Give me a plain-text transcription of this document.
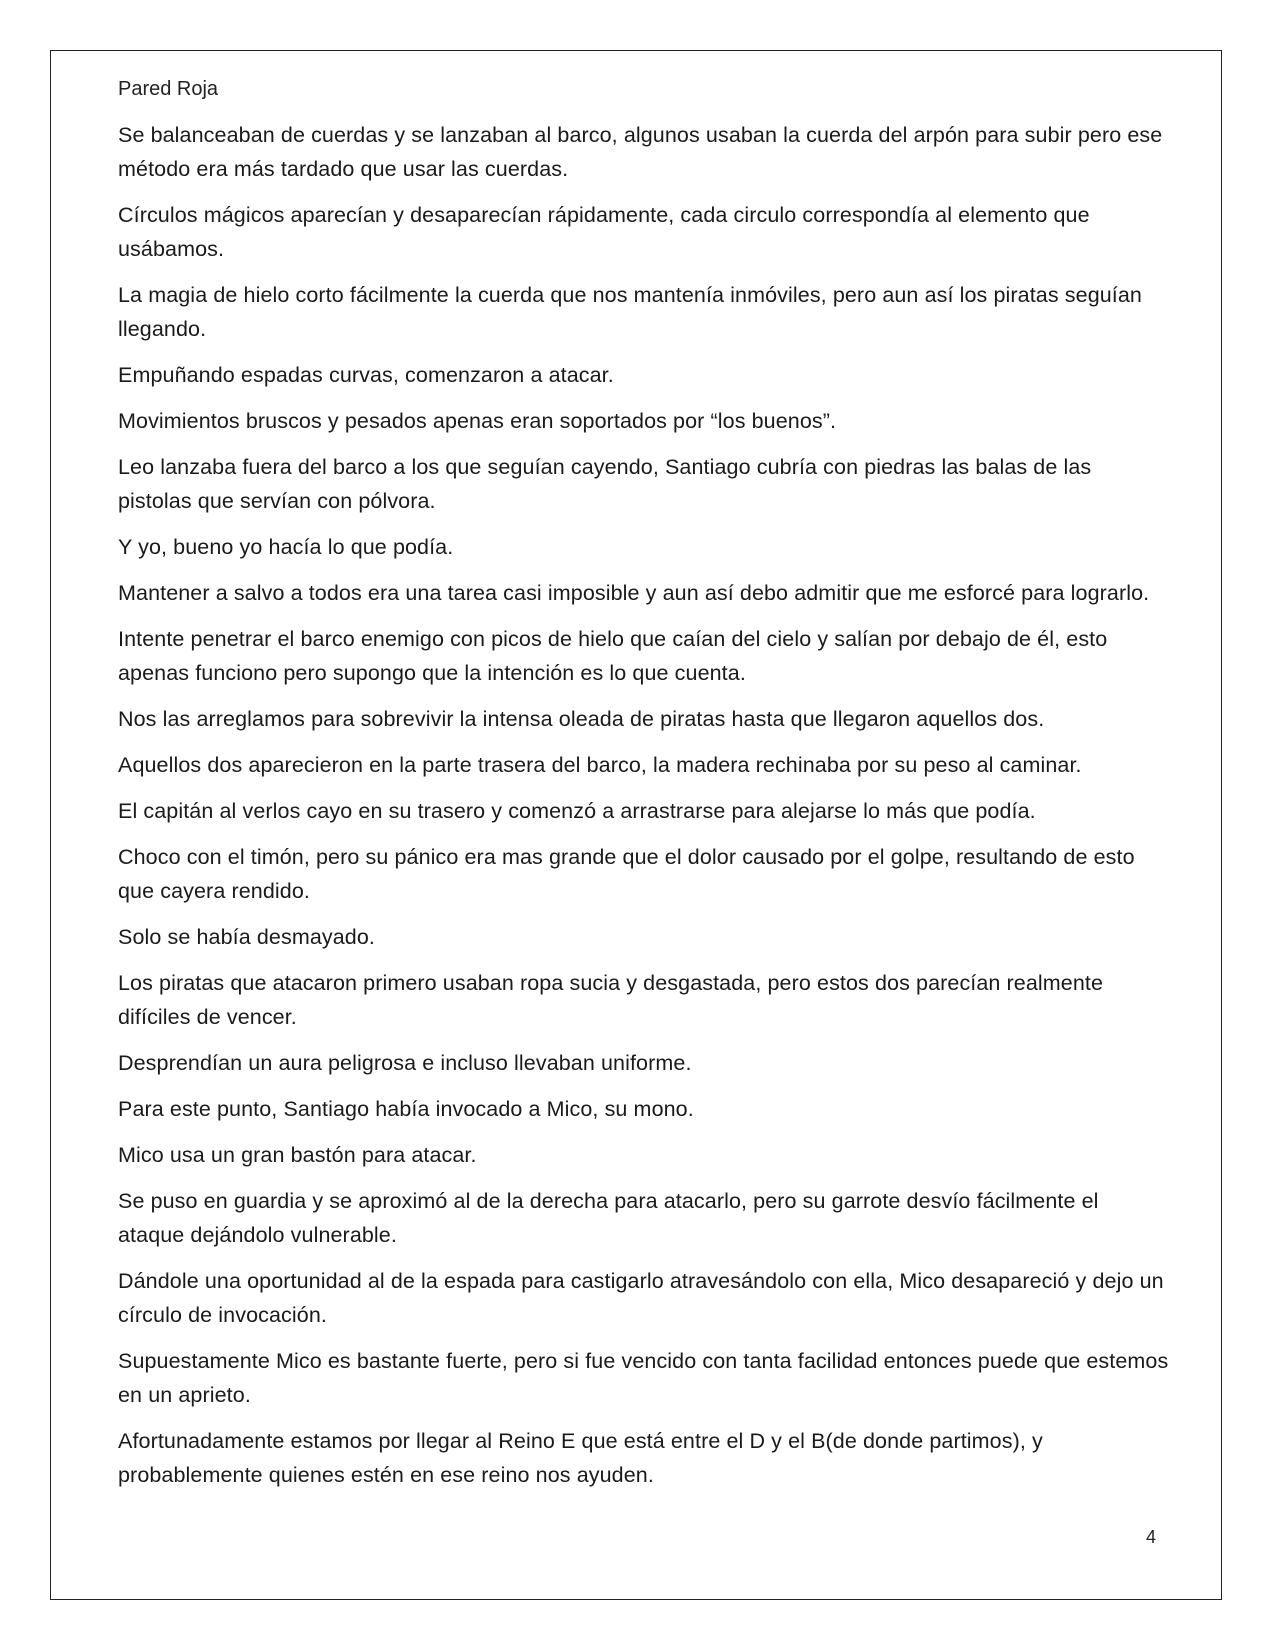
Pared Roja

Se balanceaban de cuerdas y se lanzaban al barco, algunos usaban la cuerda del arpón para subir pero ese método era más tardado que usar las cuerdas.

Círculos mágicos aparecían y desaparecían rápidamente, cada circulo correspondía al elemento que usábamos.

La magia de hielo corto fácilmente la cuerda que nos mantenía inmóviles, pero aun así los piratas seguían llegando.

Empuñando espadas curvas, comenzaron a atacar.

Movimientos bruscos y pesados apenas eran soportados por “los buenos”.

Leo lanzaba fuera del barco a los que seguían cayendo, Santiago cubría con piedras las balas de las pistolas que servían con pólvora.

Y yo, bueno yo hacía lo que podía.

Mantener a salvo a todos era una tarea casi imposible y aun así debo admitir que me esforcé para lograrlo.

Intente penetrar el barco enemigo con picos de hielo que caían del cielo y salían por debajo de él, esto apenas funciono pero supongo que la intención es lo que cuenta.

Nos las arreglamos para sobrevivir la intensa oleada de piratas hasta que llegaron aquellos dos.

Aquellos dos aparecieron en la parte trasera del barco, la madera rechinaba por su peso al caminar.

El capitán al verlos cayo en su trasero y comenzó a arrastrarse para alejarse lo más que podía.

Choco con el timón, pero su pánico era mas grande que el dolor causado por el golpe, resultando de esto que cayera rendido.

Solo se había desmayado.

Los piratas que atacaron primero usaban ropa sucia y desgastada, pero estos dos parecían realmente difíciles de vencer.

Desprendían un aura peligrosa e incluso llevaban uniforme.

Para este punto, Santiago había invocado a Mico, su mono.

Mico usa un gran bastón para atacar.

Se puso en guardia y se aproximó al de la derecha para atacarlo, pero su garrote desvío fácilmente el ataque dejándolo vulnerable.

Dándole una oportunidad al de la espada para castigarlo atravesándolo con ella, Mico desapareció y dejo un círculo de invocación.

Supuestamente Mico es bastante fuerte, pero si fue vencido con tanta facilidad entonces puede que estemos en un aprieto.

Afortunadamente estamos por llegar al Reino E que está entre el D y el B(de donde partimos), y probablemente quienes estén en ese reino nos ayuden.

4
